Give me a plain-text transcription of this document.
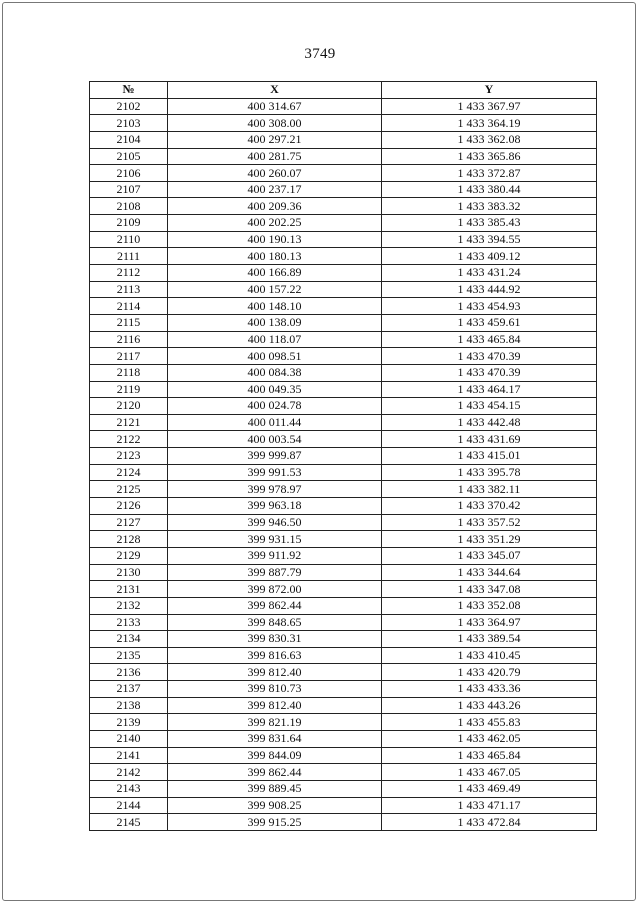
3749
№	X	Y
2102	400 314.67	1 433 367.97
2103	400 308.00	1 433 364.19
2104	400 297.21	1 433 362.08
2105	400 281.75	1 433 365.86
2106	400 260.07	1 433 372.87
2107	400 237.17	1 433 380.44
2108	400 209.36	1 433 383.32
2109	400 202.25	1 433 385.43
2110	400 190.13	1 433 394.55
2111	400 180.13	1 433 409.12
2112	400 166.89	1 433 431.24
2113	400 157.22	1 433 444.92
2114	400 148.10	1 433 454.93
2115	400 138.09	1 433 459.61
2116	400 118.07	1 433 465.84
2117	400 098.51	1 433 470.39
2118	400 084.38	1 433 470.39
2119	400 049.35	1 433 464.17
2120	400 024.78	1 433 454.15
2121	400 011.44	1 433 442.48
2122	400 003.54	1 433 431.69
2123	399 999.87	1 433 415.01
2124	399 991.53	1 433 395.78
2125	399 978.97	1 433 382.11
2126	399 963.18	1 433 370.42
2127	399 946.50	1 433 357.52
2128	399 931.15	1 433 351.29
2129	399 911.92	1 433 345.07
2130	399 887.79	1 433 344.64
2131	399 872.00	1 433 347.08
2132	399 862.44	1 433 352.08
2133	399 848.65	1 433 364.97
2134	399 830.31	1 433 389.54
2135	399 816.63	1 433 410.45
2136	399 812.40	1 433 420.79
2137	399 810.73	1 433 433.36
2138	399 812.40	1 433 443.26
2139	399 821.19	1 433 455.83
2140	399 831.64	1 433 462.05
2141	399 844.09	1 433 465.84
2142	399 862.44	1 433 467.05
2143	399 889.45	1 433 469.49
2144	399 908.25	1 433 471.17
2145	399 915.25	1 433 472.84
